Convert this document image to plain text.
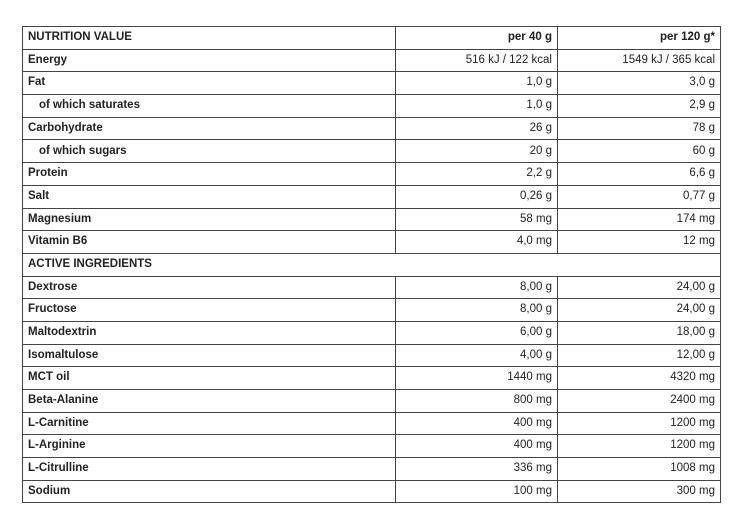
NUTRITION VALUE	per 40 g	per 120 g*
Energy	516 kJ / 122 kcal	1549 kJ / 365 kcal
Fat	1,0 g	3,0 g
of which saturates	1,0 g	2,9 g
Carbohydrate	26 g	78 g
of which sugars	20 g	60 g
Protein	2,2 g	6,6 g
Salt	0,26 g	0,77 g
Magnesium	58 mg	174 mg
Vitamin B6	4,0 mg	12 mg
ACTIVE INGREDIENTS		
Dextrose	8,00 g	24,00 g
Fructose	8,00 g	24,00 g
Maltodextrin	6,00 g	18,00 g
Isomaltulose	4,00 g	12,00 g
MCT oil	1440 mg	4320 mg
Beta-Alanine	800 mg	2400 mg
L-Carnitine	400 mg	1200 mg
L-Arginine	400 mg	1200 mg
L-Citrulline	336 mg	1008 mg
Sodium	100 mg	300 mg
